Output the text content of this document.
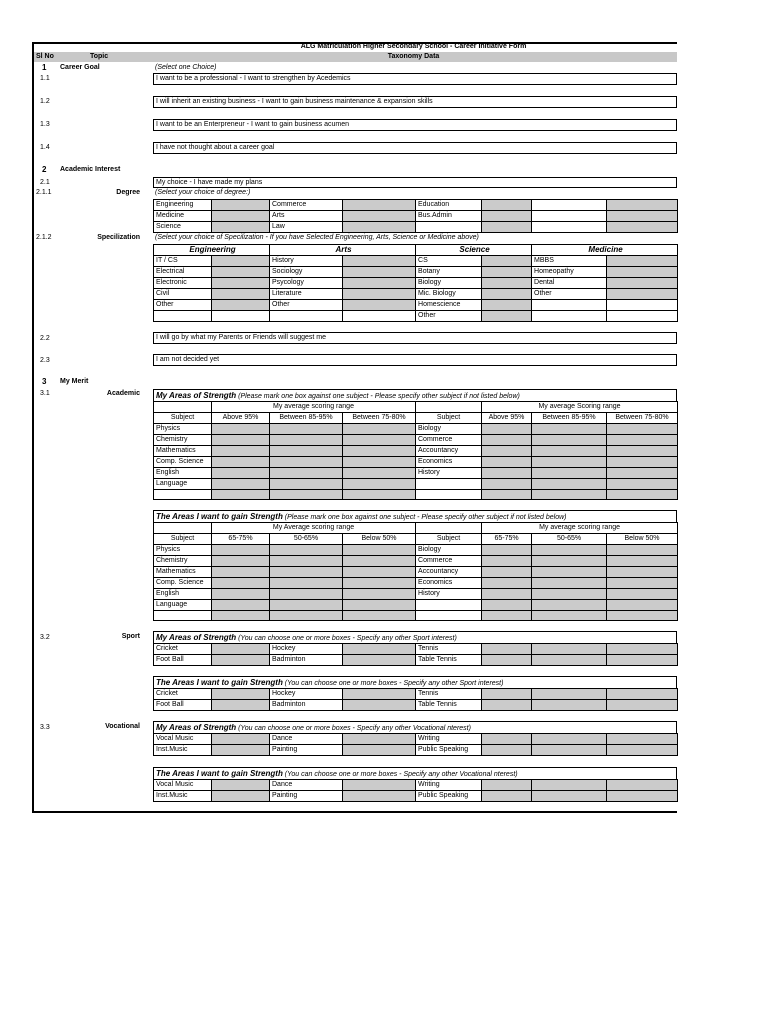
ALG Matriculation Higher Secondary School - Career Initiative Form
Sl No	Topic	Taxonomy Data
1 Career Goal	(Select one Choice)
1.1	I want to be a professional - I want to strengthen by Acedemics
1.2	I will inherit an existing business - I want to gain business maintenance & expansion skills
1.3	I want to be an Enterpreneur - I want to gain business acumen
1.4	I have not thought about a career goal
2 Academic Interest
2.1	My choice - I have made my plans
2.1.1	Degree (Select your choice of degree:)
Engineering		Commerce		Education			
Medicine		Arts		Bus.Admin			
Science		Law					
2.1.2	Specilization (Select your choice of Specilization - If you have Selected Engineering, Arts, Science or Medicine above)
Engineering		Arts		Science		Medicine	
IT / CS		History		CS		MBBS	
Electrical		Sociology		Botany		Homeopathy	
Electronic		Psycology		Biology		Dental	
Civil		Literature		Mic. Biology		Other	
Other		Other		Homescience			
				Other			
2.2	I will go by what my Parents or Friends will suggest me
2.3	I am not decided yet
3 My Merit
3.1	Academic	My Areas of Strength (Please mark one box against one subject - Please specify other subject if not listed below)
	My average scoring range				My average Scoring range		
Subject	Above 95%	Between 85-95%	Between 75-80%	Subject	Above 95%	Between 85-95%	Between 75-80%
Physics				Biology			
Chemistry				Commerce			
Mathematics				Accountancy			
Comp. Science				Economics			
English				History			
Language							

The Areas I want to gain Strength (Please mark one box against one subject - Please specify other subject if not listed below)
	My Average scoring range				My average scoring range		
Subject	65-75%	50-65%	Below 50%	Subject	65-75%	50-65%	Below 50%
Physics				Biology			
Chemistry				Commerce			
Mathematics				Accountancy			
Comp. Science				Economics			
English				History			
Language							

3.2	Sport	My Areas of Strength (You can choose one or more boxes - Specify any other Sport interest)
Cricket		Hockey		Tennis			
Foot Ball		Badminton		Table Tennis			
The Areas I want to gain Strength (You can choose one or more boxes - Specify any other Sport interest)
Cricket		Hockey		Tennis			
Foot Ball		Badminton		Table Tennis			
3.3	Vocational	My Areas of Strength (You can choose one or more boxes - Specify any other Vocational nterest)
Vocal Music		Dance		Writing			
Inst.Music		Painting		Public Speaking			
The Areas I want to gain Strength (You can choose one or more boxes - Specify any other Vocational nterest)
Vocal Music		Dance		Writing			
Inst.Music		Painting		Public Speaking			
